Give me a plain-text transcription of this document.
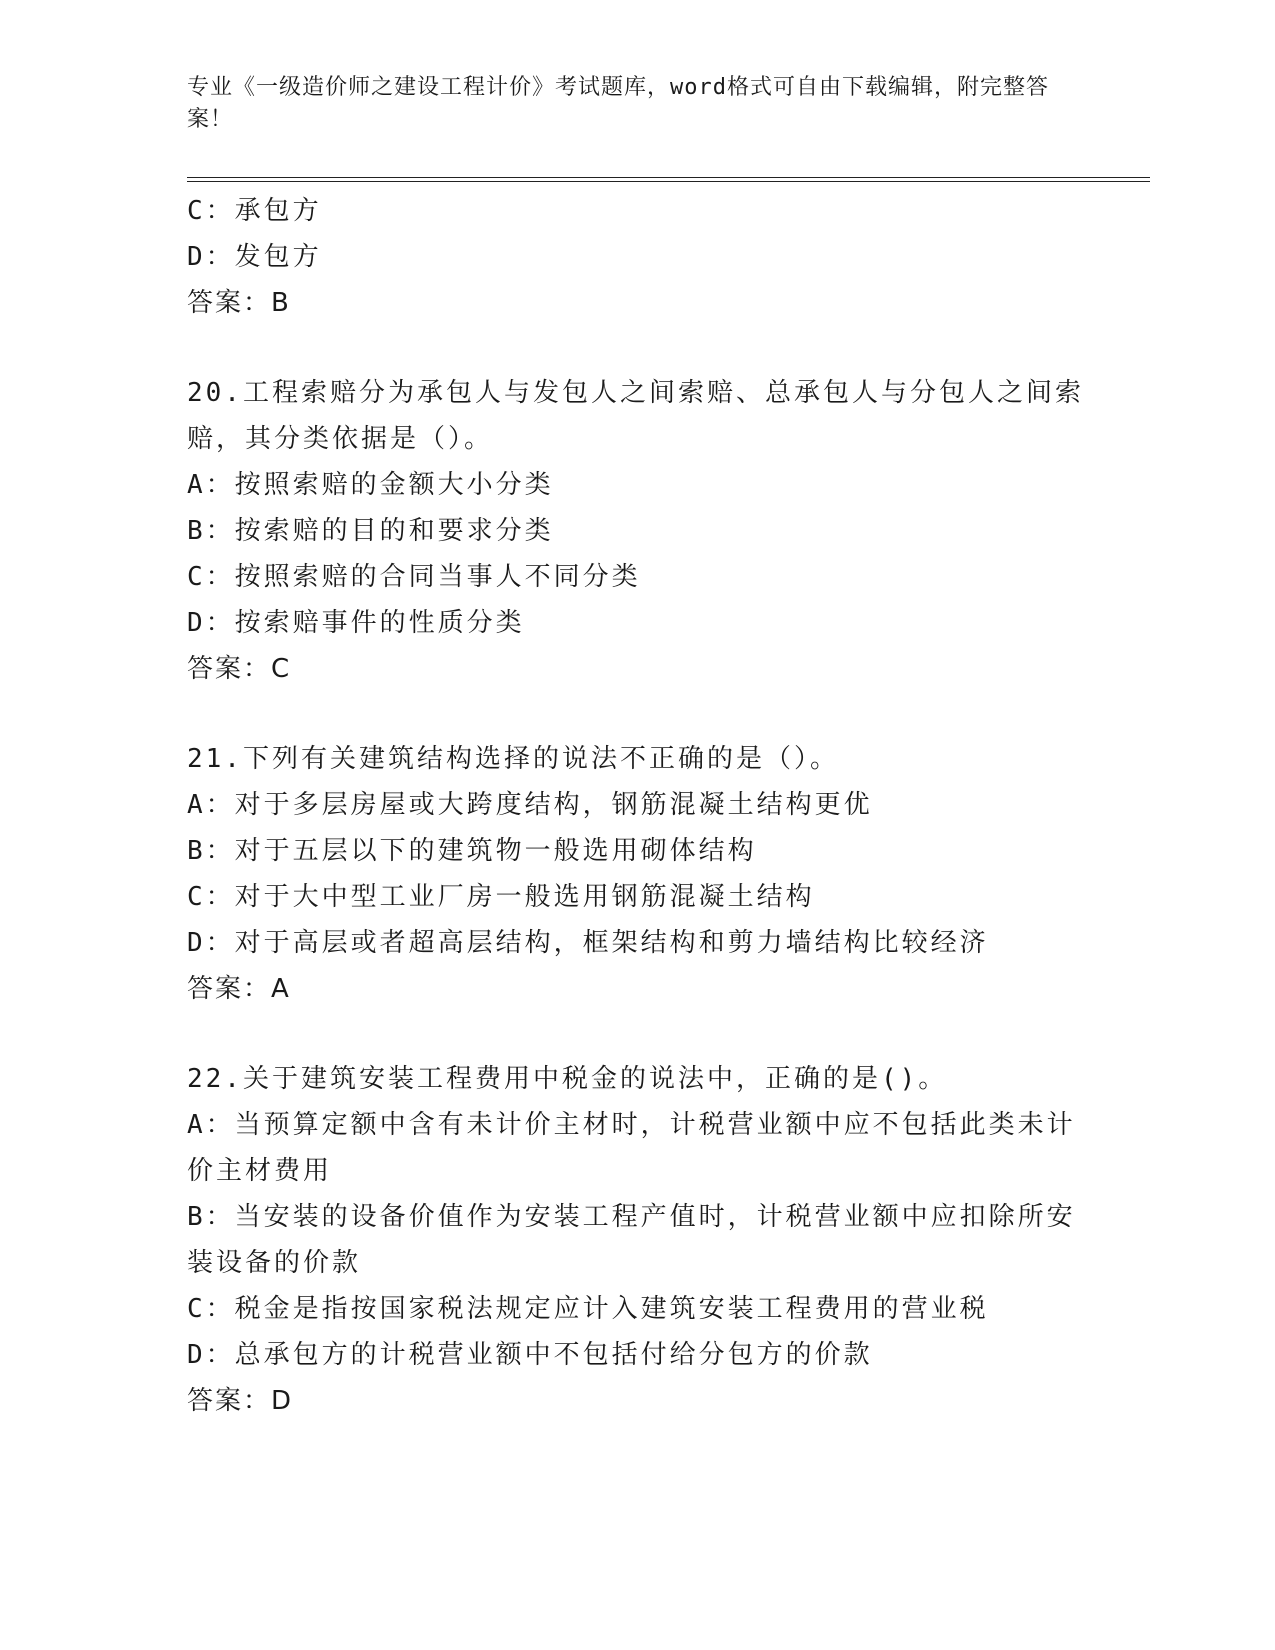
专业《一级造价师之建设工程计价》考试题库，word格式可自由下载编辑，附完整答案！
C：承包方
D：发包方
答案：B
20.工程索赔分为承包人与发包人之间索赔、总承包人与分包人之间索赔，其分类依据是（）。
A：按照索赔的金额大小分类
B：按索赔的目的和要求分类
C：按照索赔的合同当事人不同分类
D：按索赔事件的性质分类
答案：C
21.下列有关建筑结构选择的说法不正确的是（）。
A：对于多层房屋或大跨度结构，钢筋混凝土结构更优
B：对于五层以下的建筑物一般选用砌体结构
C：对于大中型工业厂房一般选用钢筋混凝土结构
D：对于高层或者超高层结构，框架结构和剪力墙结构比较经济
答案：A
22.关于建筑安装工程费用中税金的说法中，正确的是()。
A：当预算定额中含有未计价主材时，计税营业额中应不包括此类未计价主材费用
B：当安装的设备价值作为安装工程产值时，计税营业额中应扣除所安装设备的价款
C：税金是指按国家税法规定应计入建筑安装工程费用的营业税
D：总承包方的计税营业额中不包括付给分包方的价款
答案：D
